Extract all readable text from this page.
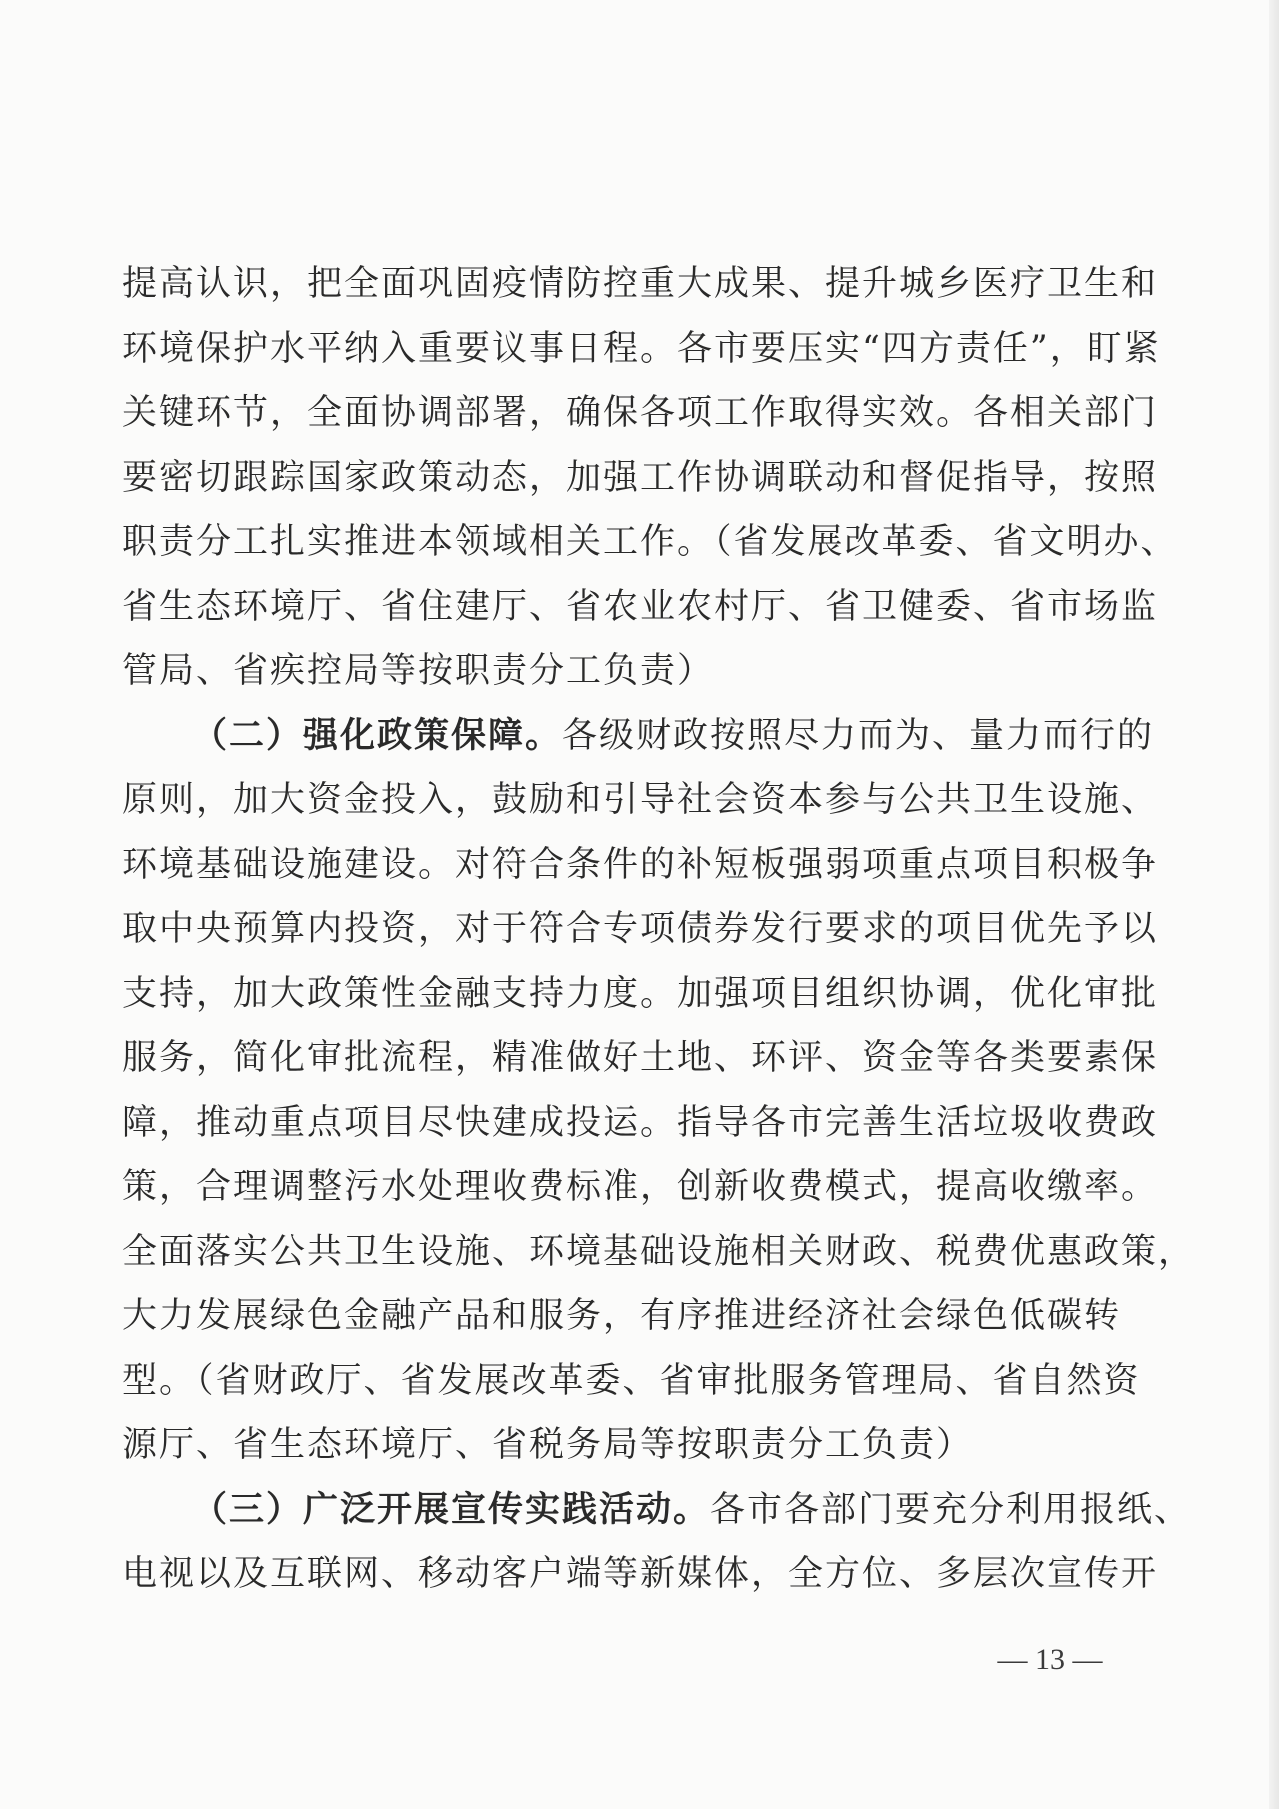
提高认识，把全面巩固疫情防控重大成果、提升城乡医疗卫生和
环境保护水平纳入重要议事日程。各市要压实“四方责任”，盯紧
关键环节，全面协调部署，确保各项工作取得实效。各相关部门
要密切跟踪国家政策动态，加强工作协调联动和督促指导，按照
职责分工扎实推进本领域相关工作。（省发展改革委、省文明办、
省生态环境厅、省住建厅、省农业农村厅、省卫健委、省市场监
管局、省疾控局等按职责分工负责）
（二）强化政策保障。各级财政按照尽力而为、量力而行的
原则，加大资金投入，鼓励和引导社会资本参与公共卫生设施、
环境基础设施建设。对符合条件的补短板强弱项重点项目积极争
取中央预算内投资，对于符合专项债券发行要求的项目优先予以
支持，加大政策性金融支持力度。加强项目组织协调，优化审批
服务，简化审批流程，精准做好土地、环评、资金等各类要素保
障，推动重点项目尽快建成投运。指导各市完善生活垃圾收费政
策，合理调整污水处理收费标准，创新收费模式，提高收缴率。
全面落实公共卫生设施、环境基础设施相关财政、税费优惠政策，
大力发展绿色金融产品和服务，有序推进经济社会绿色低碳转
型。（省财政厅、省发展改革委、省审批服务管理局、省自然资
源厅、省生态环境厅、省税务局等按职责分工负责）
（三）广泛开展宣传实践活动。各市各部门要充分利用报纸、
电视以及互联网、移动客户端等新媒体，全方位、多层次宣传开
— 13 —
